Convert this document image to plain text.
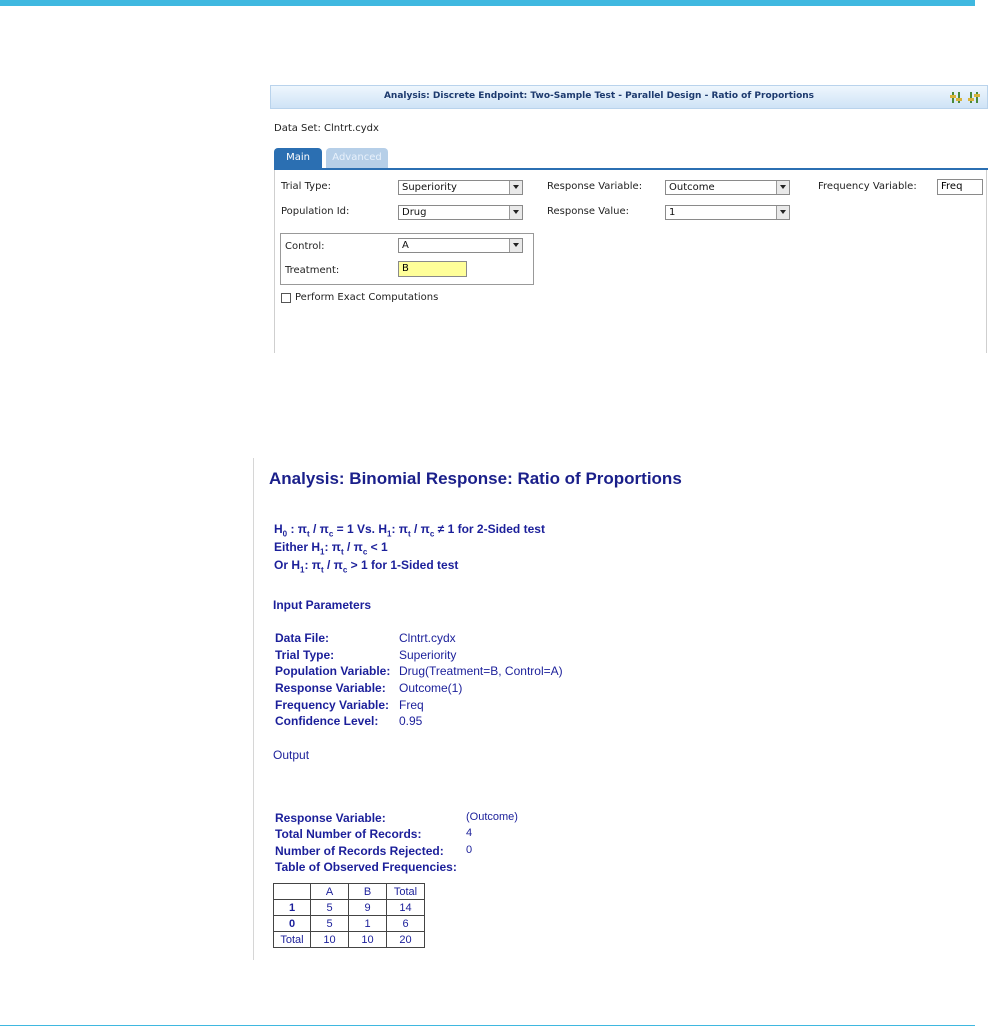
Analysis: Discrete Endpoint: Two-Sample Test - Parallel Design - Ratio of Proportions
Data Set: Clntrt.cydx
Main	Advanced
Trial Type:	Superiority	Response Variable:	Outcome	Frequency Variable:	Freq
Population Id:	Drug	Response Value:	1
Control:	A
Treatment:	B
Perform Exact Computations
Analysis: Binomial Response: Ratio of Proportions
$H_0$ : $\pi_t / \pi_c = 1$ Vs. $H_1$: $\pi_t / \pi_c \ne 1$ for 2-Sided test
Either $H_1$: $\pi_t / \pi_c < 1$
Or $H_1$: $\pi_t / \pi_c > 1$ for 1-Sided test
Input Parameters
Data File:	Clntrt.cydx
Trial Type:	Superiority
Population Variable: Drug(Treatment=B, Control=A)
Response Variable: Outcome(1)
Frequency Variable: Freq
Confidence Level: 0.95
Output
Response Variable:	(Outcome)
Total Number of Records:	4
Number of Records Rejected: 0
Table of Observed Frequencies:
	A	B	Total
1	5	9	14
0	5	1	6
Total	10	10	20
